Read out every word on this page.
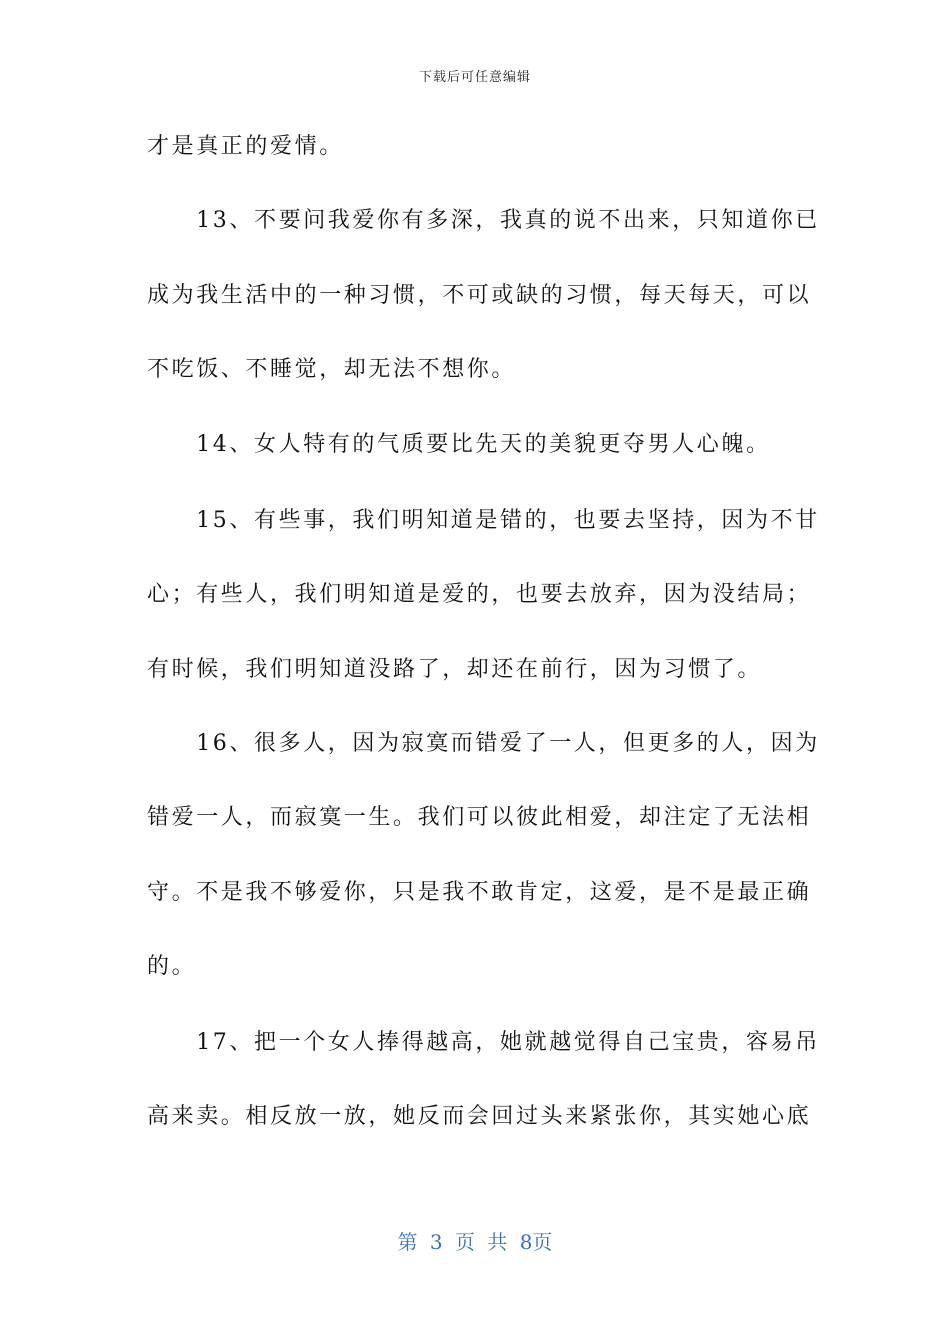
下载后可任意编辑
才是真正的爱情。
　　13、不要问我爱你有多深，我真的说不出来，只知道你已
成为我生活中的一种习惯，不可或缺的习惯，每天每天，可以
不吃饭、不睡觉，却无法不想你。
　　14、女人特有的气质要比先天的美貌更夺男人心魄。
　　15、有些事，我们明知道是错的，也要去坚持，因为不甘
心；有些人，我们明知道是爱的，也要去放弃，因为没结局；
有时候，我们明知道没路了，却还在前行，因为习惯了。
　　16、很多人，因为寂寞而错爱了一人，但更多的人，因为
错爱一人，而寂寞一生。我们可以彼此相爱，却注定了无法相
守。不是我不够爱你，只是我不敢肯定，这爱，是不是最正确
的。
　　17、把一个女人捧得越高，她就越觉得自己宝贵，容易吊
高来卖。相反放一放，她反而会回过头来紧张你，其实她心底
第 3 页 共 8页
